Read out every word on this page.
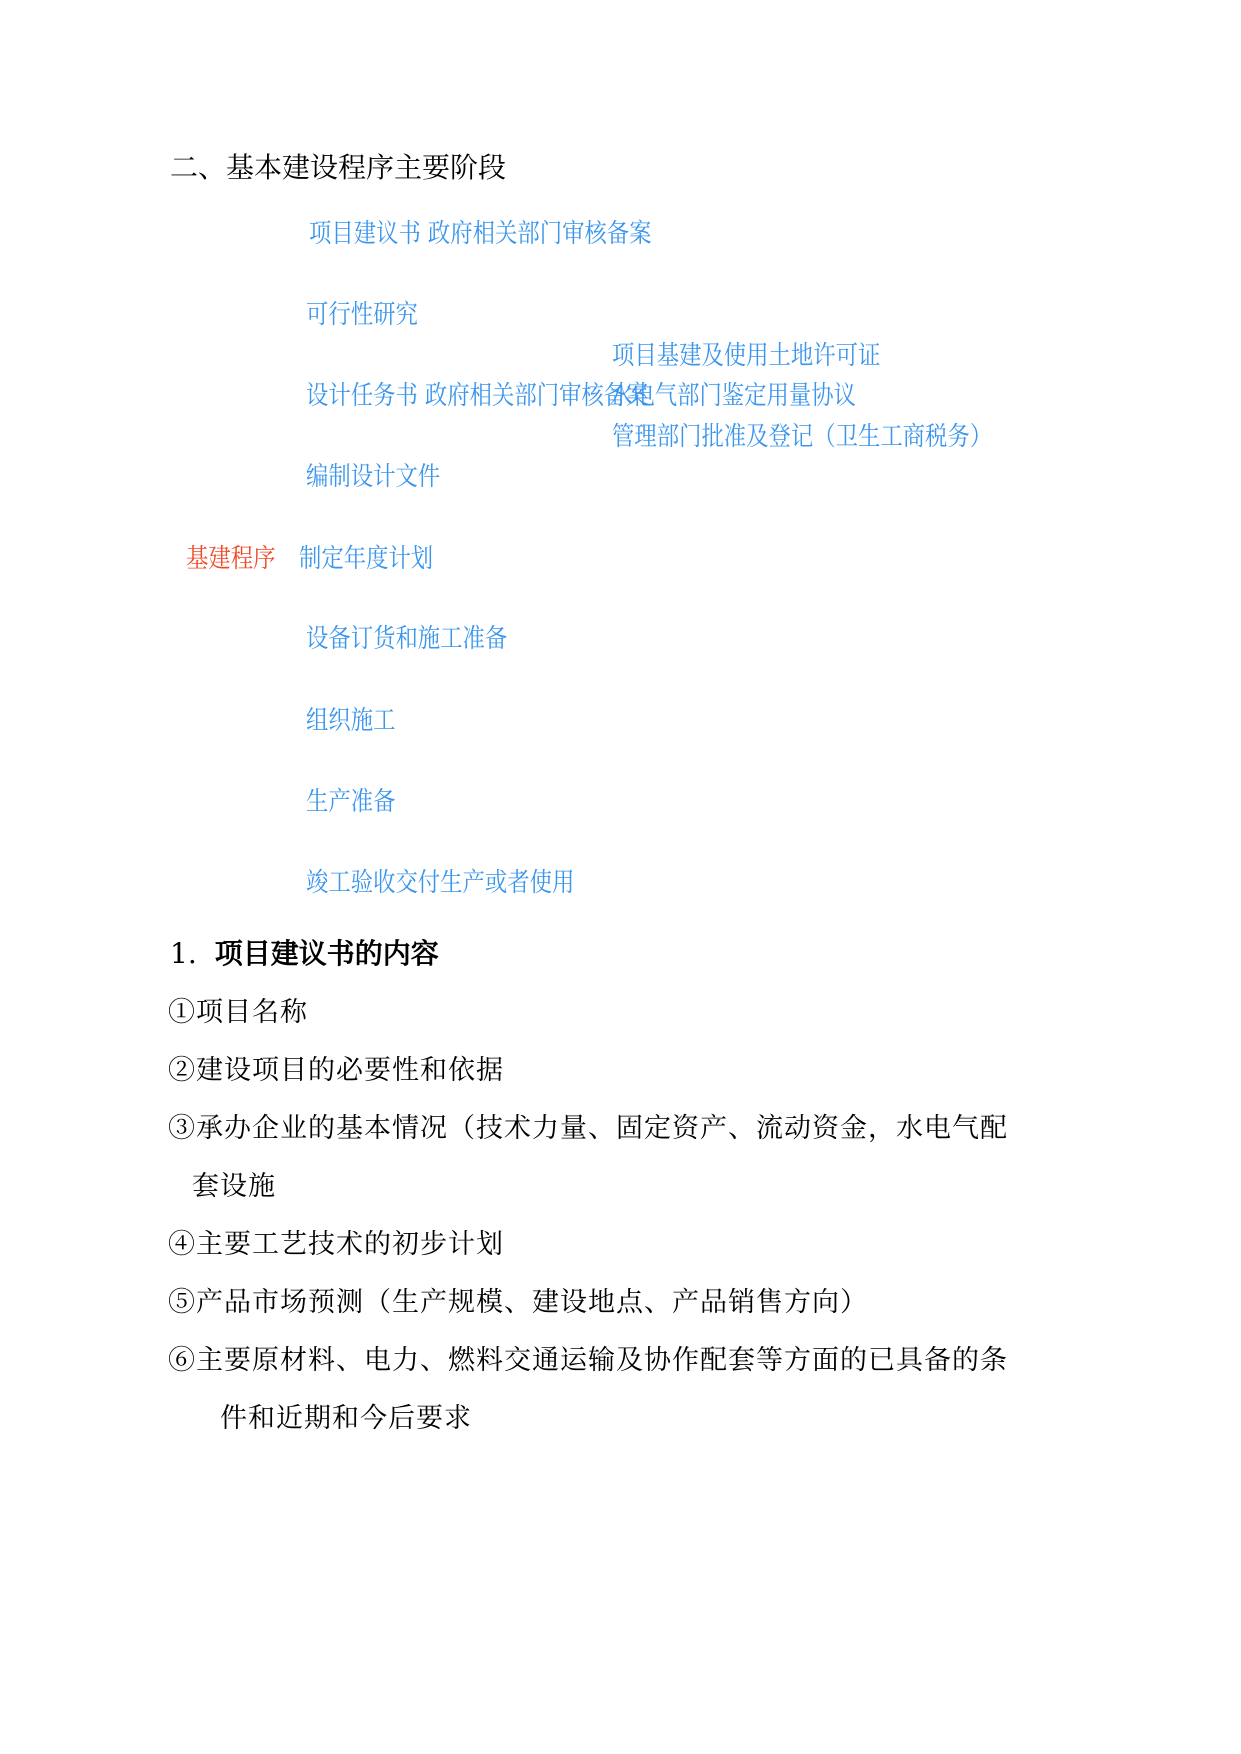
二、基本建设程序主要阶段
项目建议书 政府相关部门审核备案
可行性研究
项目基建及使用土地许可证
设计任务书 政府相关部门审核备案
水电气部门鉴定用量协议
管理部门批准及登记（卫生工商税务）
编制设计文件
基建程序 制定年度计划
设备订货和施工准备
组织施工
生产准备
竣工验收交付生产或者使用
1. 项目建议书的内容
①项目名称
②建设项目的必要性和依据
③承办企业的基本情况（技术力量、固定资产、流动资金，水电气配
套设施
④主要工艺技术的初步计划
⑤产品市场预测（生产规模、建设地点、产品销售方向）
⑥主要原材料、电力、燃料交通运输及协作配套等方面的已具备的条
件和近期和今后要求
